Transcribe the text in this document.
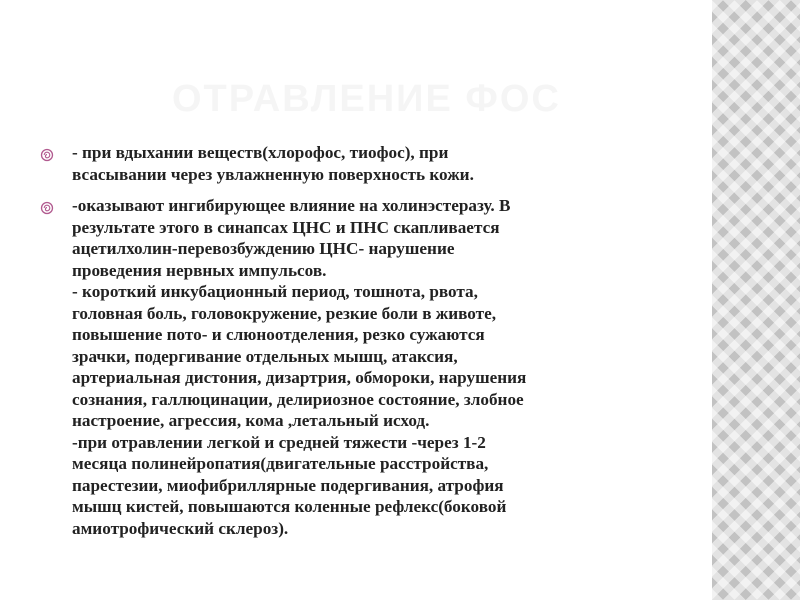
ОТРАВЛЕНИЕ ФОС

- при вдыхании веществ(хлорофос, тиофос), при
всасывании через увлажненную поверхность кожи.

-оказывают ингибирующее влияние на холинэстеразу. В
результате этого в синапсах ЦНС и ПНС скапливается
ацетилхолин-перевозбуждению ЦНС- нарушение
проведения нервных импульсов.
- короткий инкубационный период, тошнота, рвота,
головная боль, головокружение, резкие боли в животе,
повышение пото- и слюноотделения, резко сужаются
зрачки, подергивание отдельных мышц, атаксия,
артериальная дистония, дизартрия, обмороки, нарушения
сознания, галлюцинации, делириозное состояние, злобное
настроение, агрессия, кома ,летальный исход.
-при отравлении легкой и средней тяжести -через 1-2
месяца полинейропатия(двигательные расстройства,
парестезии, миофибриллярные подергивания, атрофия
мышц кистей, повышаются коленные рефлекс(боковой
амиотрофический склероз).
